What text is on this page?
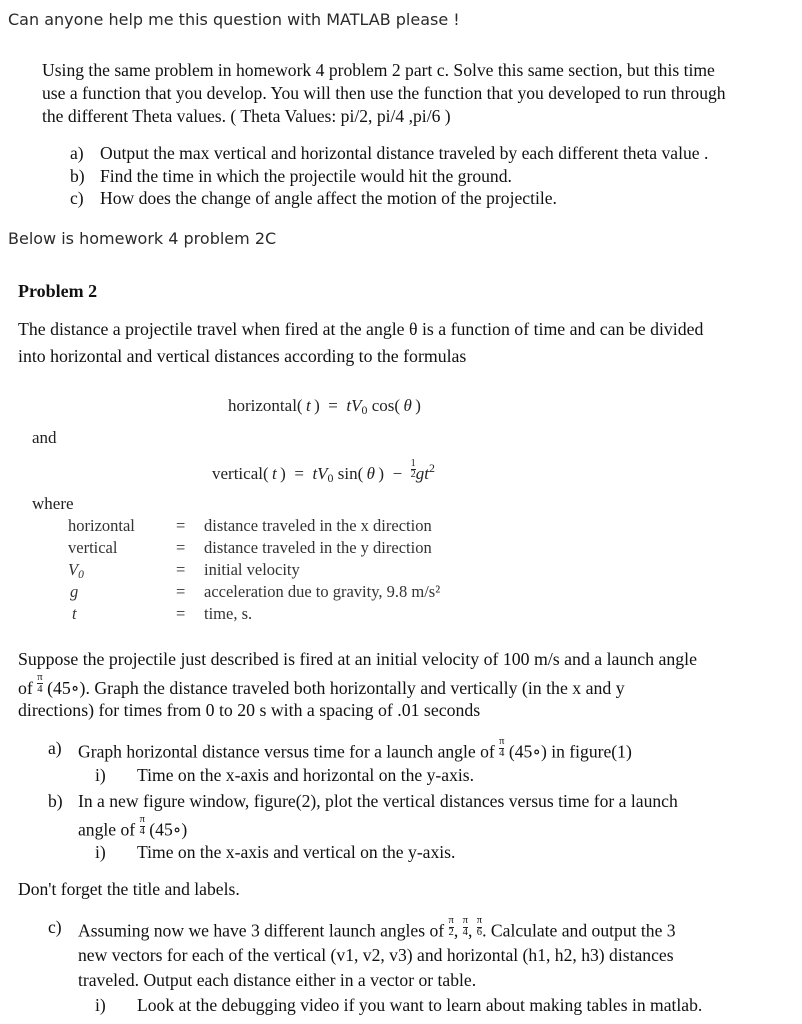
Can anyone help me this question with MATLAB please !
Using the same problem in homework 4 problem 2 part c. Solve this same section, but this time
use a function that you develop. You will then use the function that you developed to run through
the different Theta values. ( Theta Values: pi/2, pi/4 ,pi/6 )
a) Output the max vertical and horizontal distance traveled by each different theta value .
b) Find the time in which the projectile would hit the ground.
c) How does the change of angle affect the motion of the projectile.
Below is homework 4 problem 2C
Problem 2
The distance a projectile travel when fired at the angle θ is a function of time and can be divided
into horizontal and vertical distances according to the formulas
horizontal( t )  =  $tV_0$ cos( θ )
and
vertical( t )  =  $tV_0$ sin( θ )  − $\frac{1}{2} gt^2$
where
horizontal = distance traveled in the x direction
vertical	= distance traveled in the y direction
$V_0$	= initial velocity
g	= acceleration due to gravity, 9.8 m/s²
t	= time, s.
Suppose the projectile just described is fired at an initial velocity of 100 m/s and a launch angle
of $\frac{\pi}{4}$ (45∘). Graph the distance traveled both horizontally and vertically (in the x and y
directions) for times from 0 to 20 s with a spacing of .01 seconds
a) Graph horizontal distance versus time for a launch angle of $\frac{\pi}{4}$ (45∘) in figure(1)
i) Time on the x-axis and horizontal on the y-axis.
b) In a new figure window, figure(2), plot the vertical distances versus time for a launch
angle of $\frac{\pi}{4}$ (45∘)
i) Time on the x-axis and vertical on the y-axis.
Don't forget the title and labels.
c) Assuming now we have 3 different launch angles of $\frac{\pi}{2}$ , $\frac{\pi}{4}$ , $\frac{\pi}{6}$ . Calculate and output the 3
new vectors for each of the vertical (v1, v2, v3) and horizontal (h1, h2, h3) distances
traveled. Output each distance either in a vector or table.
i) Look at the debugging video if you want to learn about making tables in matlab.
